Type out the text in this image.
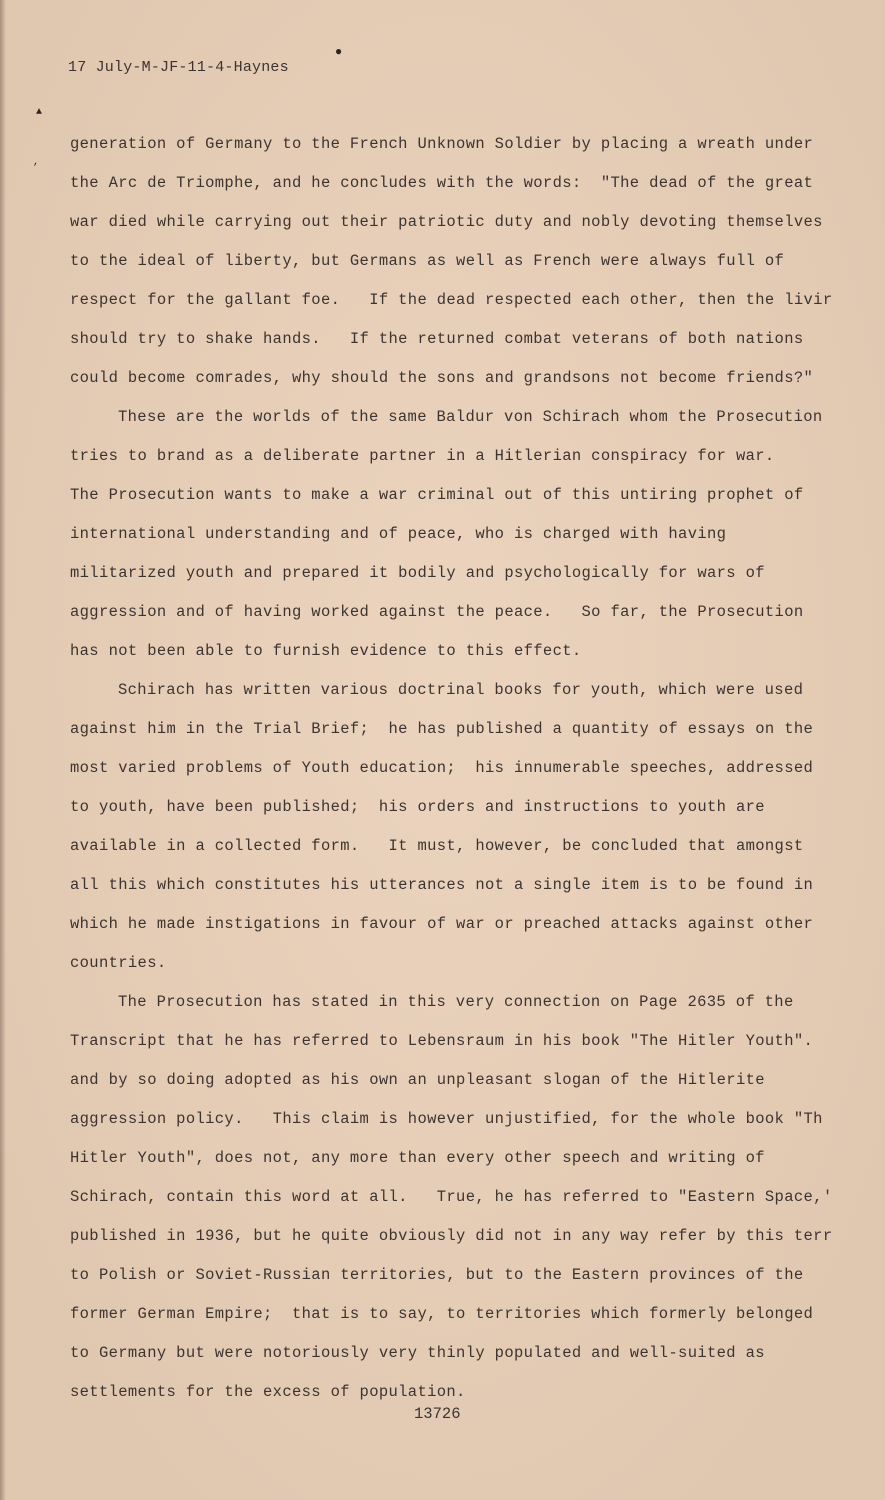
●
▲
,
17 July-M-JF-11-4-Haynes
generation of Germany to the French Unknown Soldier by placing a wreath under
the Arc de Triomphe, and he concludes with the words:  "The dead of the great
war died while carrying out their patriotic duty and nobly devoting themselves
to the ideal of liberty, but Germans as well as French were always full of
respect for the gallant foe.   If the dead respected each other, then the livir
should try to shake hands.   If the returned combat veterans of both nations
could become comrades, why should the sons and grandsons not become friends?"
These are the worlds of the same Baldur von Schirach whom the Prosecution
tries to brand as a deliberate partner in a Hitlerian conspiracy for war.
The Prosecution wants to make a war criminal out of this untiring prophet of
international understanding and of peace, who is charged with having
militarized youth and prepared it bodily and psychologically for wars of
aggression and of having worked against the peace.   So far, the Prosecution
has not been able to furnish evidence to this effect.
Schirach has written various doctrinal books for youth, which were used
against him in the Trial Brief;  he has published a quantity of essays on the
most varied problems of Youth education;  his innumerable speeches, addressed
to youth, have been published;  his orders and instructions to youth are
available in a collected form.   It must, however, be concluded that amongst
all this which constitutes his utterances not a single item is to be found in
which he made instigations in favour of war or preached attacks against other
countries.
The Prosecution has stated in this very connection on Page 2635 of the
Transcript that he has referred to Lebensraum in his book "The Hitler Youth".
and by so doing adopted as his own an unpleasant slogan of the Hitlerite
aggression policy.   This claim is however unjustified, for the whole book "Th
Hitler Youth", does not, any more than every other speech and writing of
Schirach, contain this word at all.   True, he has referred to "Eastern Space,'
published in 1936, but he quite obviously did not in any way refer by this terr
to Polish or Soviet-Russian territories, but to the Eastern provinces of the
former German Empire;  that is to say, to territories which formerly belonged
to Germany but were notoriously very thinly populated and well-suited as
settlements for the excess of population.
13726
